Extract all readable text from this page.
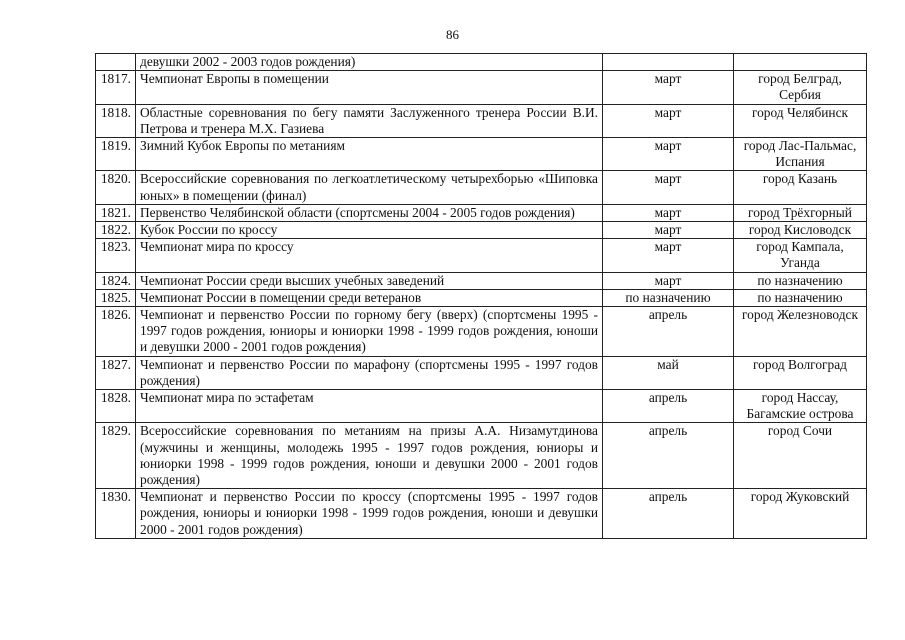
86
	девушки 2002 - 2003 годов рождения)		
1817.	Чемпионат Европы в помещении	март	город Белград, Сербия
1818.	Областные соревнования по бегу памяти Заслуженного тренера России В.И. Петрова и тренера М.Х. Газиева	март	город Челябинск
1819.	Зимний Кубок Европы по метаниям	март	город Лас-Пальмас, Испания
1820.	Всероссийские соревнования по легкоатлетическому четырехборью «Шиповка юных» в помещении (финал)	март	город Казань
1821.	Первенство Челябинской области (спортсмены 2004 - 2005 годов рождения)	март	город Трёхгорный
1822.	Кубок России по кроссу	март	город Кисловодск
1823.	Чемпионат мира по кроссу	март	город Кампала, Уганда
1824.	Чемпионат России среди высших учебных заведений	март	по назначению
1825.	Чемпионат России в помещении среди ветеранов	по назначению	по назначению
1826.	Чемпионат и первенство России по горному бегу (вверх) (спортсмены 1995 - 1997 годов рождения, юниоры и юниорки 1998 - 1999 годов рождения, юноши и девушки 2000 - 2001 годов рождения)	апрель	город Железноводск
1827.	Чемпионат и первенство России по марафону (спортсмены 1995 - 1997 годов рождения)	май	город Волгоград
1828.	Чемпионат мира по эстафетам	апрель	город Нассау, Багамские острова
1829.	Всероссийские соревнования по метаниям на призы А.А. Низамутдинова (мужчины и женщины, молодежь 1995 - 1997 годов рождения, юниоры и юниорки 1998 - 1999 годов рождения, юноши и девушки 2000 - 2001 годов рождения)	апрель	город Сочи
1830.	Чемпионат и первенство России по кроссу (спортсмены 1995 - 1997 годов рождения, юниоры и юниорки 1998 - 1999 годов рождения, юноши и девушки 2000 - 2001 годов рождения)	апрель	город Жуковский
